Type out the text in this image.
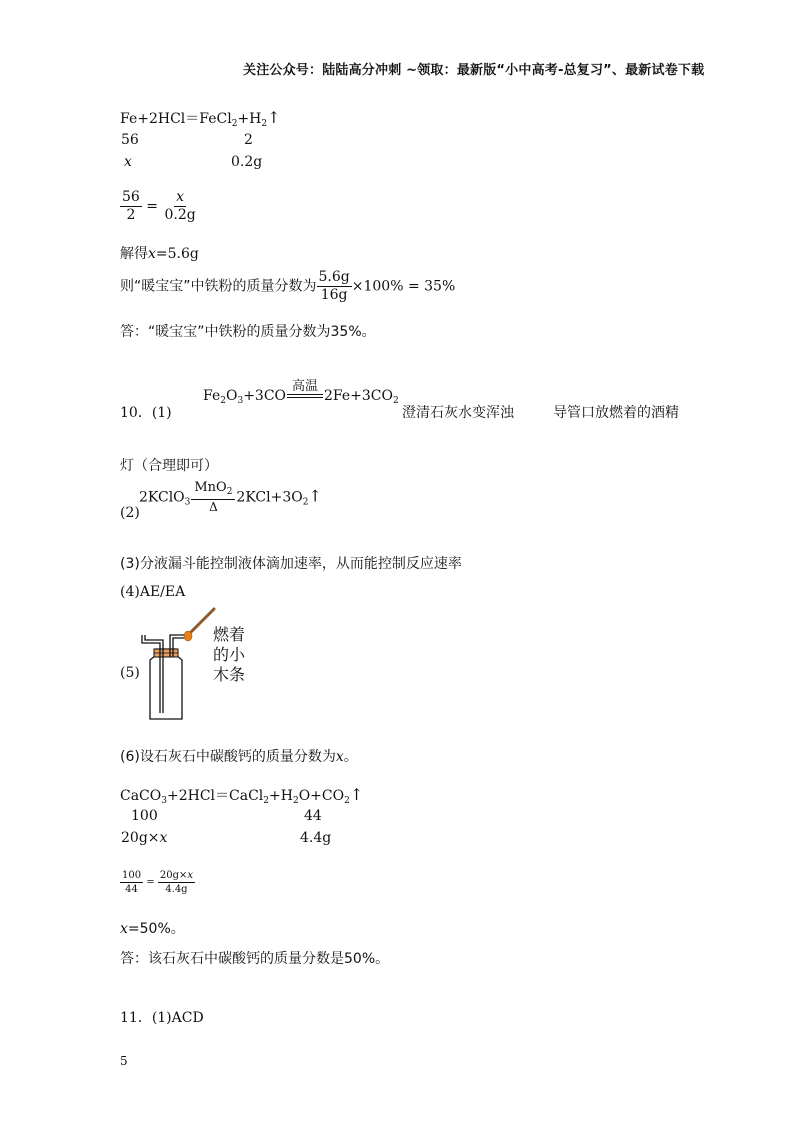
关注公众号：陆陆高分冲刺 ~领取：最新版“小中高考-总复习”、最新试卷下载
$Fe+2HCl=FeCl_2+H_2↑$
56	2
x	0.2g
$\frac{56}{2} = \frac{x}{0.2g}$
解得x=5.6g
则“暖宝宝”中铁粉的质量分数为 $\frac{5.6g}{16g} \times 100\% = 35\%$
答：“暖宝宝”中铁粉的质量分数为35%。
10．(1)
$Fe_2O_3+3CO$
高温
$2Fe+3CO_2$
澄清石灰水变浑浊	导管口放燃着的酒精
灯（合理即可）
(2)
2KClO$_3$
MnO$_2$
Δ
$2KCl+3O_2↑$
(3)分液漏斗能控制液体滴加速率，从而能控制反应速率
(4)AE/EA
(5)
燃着
的小
木条
(6)设石灰石中碳酸钙的质量分数为x。
$CaCO_3+2HCl=CaCl_2+H_2O+CO_2↑$
100	44
20g×x	4.4g
$\frac{100}{44} = \frac{20g\times x}{4.4g}$
x=50%。
答：该石灰石中碳酸钙的质量分数是50%。
11．(1)ACD
5
